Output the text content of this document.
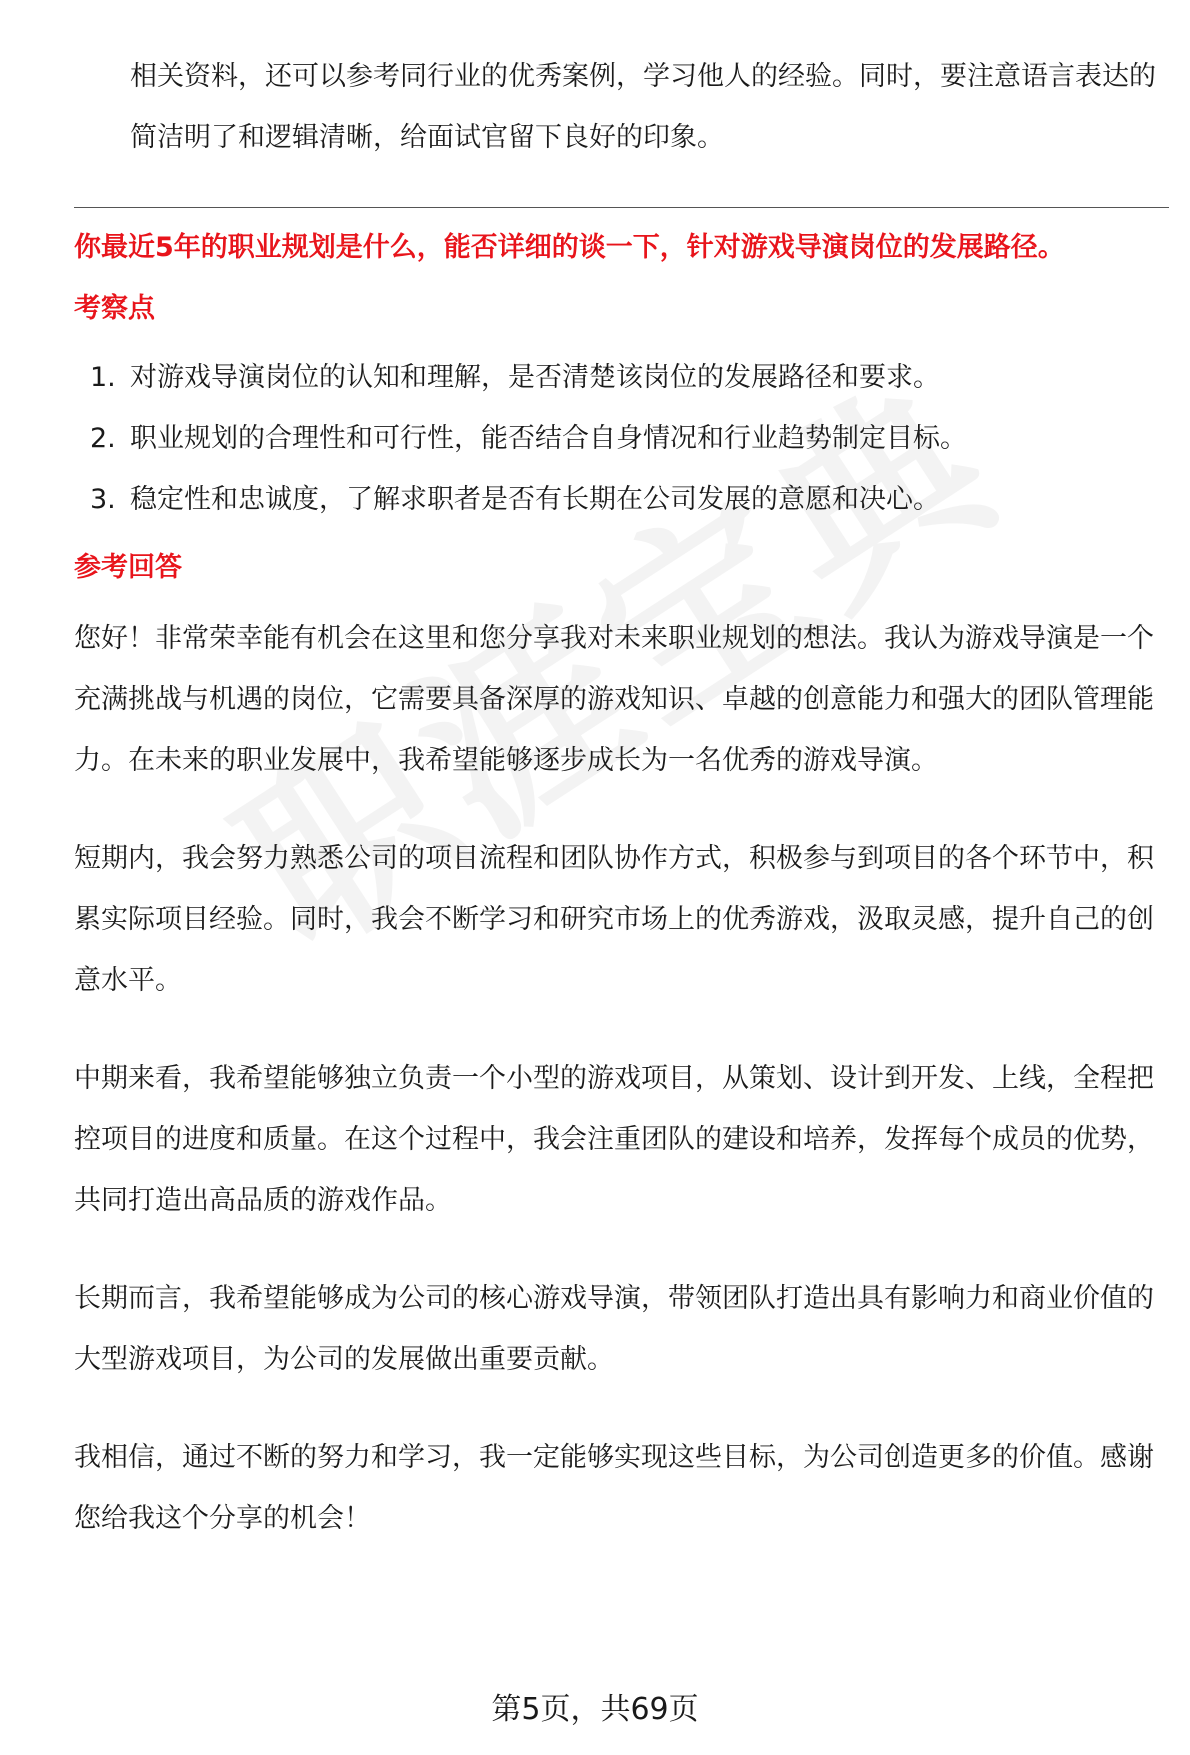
相关资料，还可以参考同行业的优秀案例，学习他人的经验。同时，要注意语言表达的简洁明了和逻辑清晰，给面试官留下良好的印象。

你最近5年的职业规划是什么，能否详细的谈一下，针对游戏导演岗位的发展路径。

考察点
1. 对游戏导演岗位的认知和理解，是否清楚该岗位的发展路径和要求。
2. 职业规划的合理性和可行性，能否结合自身情况和行业趋势制定目标。
3. 稳定性和忠诚度，了解求职者是否有长期在公司发展的意愿和决心。
参考回答

您好！非常荣幸能有机会在这里和您分享我对未来职业规划的想法。我认为游戏导演是一个充满挑战与机遇的岗位，它需要具备深厚的游戏知识、卓越的创意能力和强大的团队管理能力。在未来的职业发展中，我希望能够逐步成长为一名优秀的游戏导演。

短期内，我会努力熟悉公司的项目流程和团队协作方式，积极参与到项目的各个环节中，积累实际项目经验。同时，我会不断学习和研究市场上的优秀游戏，汲取灵感，提升自己的创意水平。

中期来看，我希望能够独立负责一个小型的游戏项目，从策划、设计到开发、上线，全程把控项目的进度和质量。在这个过程中，我会注重团队的建设和培养，发挥每个成员的优势，共同打造出高品质的游戏作品。

长期而言，我希望能够成为公司的核心游戏导演，带领团队打造出具有影响力和商业价值的大型游戏项目，为公司的发展做出重要贡献。

我相信，通过不断的努力和学习，我一定能够实现这些目标，为公司创造更多的价值。感谢您给我这个分享的机会！

第5页，共69页
